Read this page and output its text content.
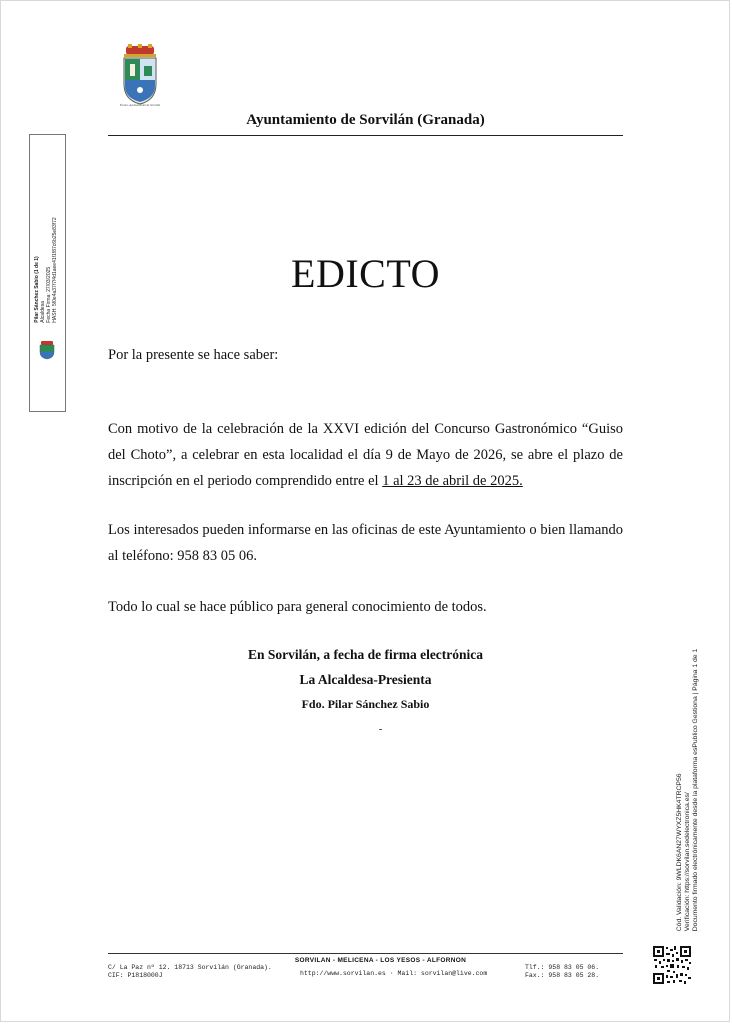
Excmo. Ayuntamiento de Sorvilán
Ayuntamiento de Sorvilán (Granada)
Pilar Sánchez Sabio (1 de 1) Alcaldesa Fecha Firma: 27/03/2025 HASH: 5f0e4a37f7f4d1aee41f1f87c6b25e83f72	EDICTO
Por la presente se hace saber:
Con motivo de la celebración de la XXVI edición del Concurso Gastronómico “Guiso del Choto”, a celebrar en esta localidad el día 9 de Mayo de 2026, se abre el plazo de inscripción en el periodo comprendido entre el 1 al 23 de abril de 2025.
Los interesados pueden informarse en las oficinas de este Ayuntamiento o bien llamando al teléfono: 958 83 05 06.
Todo lo cual se hace público para general conocimiento de todos.
En Sorvilán, a fecha de firma electrónica
La Alcaldesa-Presienta
Fdo. Pilar Sánchez Sabio
-
Cód. Validación: 9WLDK6AN27WYXZ5HK4TRCP56 Verificación: https://sorvilan.sedelectronica.es/ Documento firmado electrónicamente desde la plataforma esPublico Gestiona | Página 1 de 1
SORVILAN - MELICENA - LOS YESOS - ALFORNON
C/ La Paz nº 12. 18713 Sorvilán (Granada).
CIF: P1818000J	http://www.sorvilan.es · Mail: sorvilan@live.com
Tlf.: 958 83 05 06.
Fax.: 958 83 05 28.
